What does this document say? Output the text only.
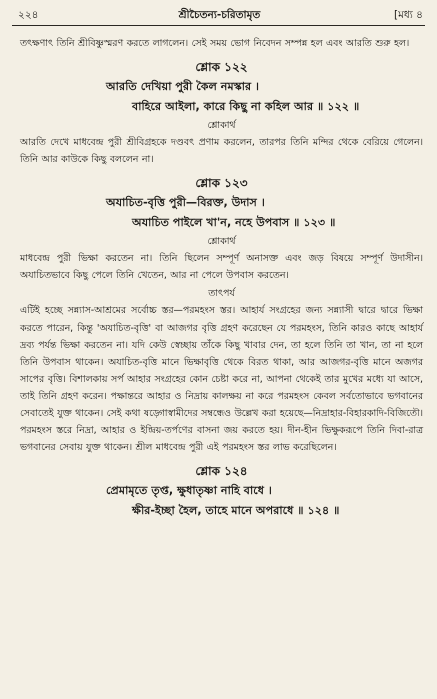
২২৪	শ্রীচৈতন্য-চরিতামৃত	[মধ্য ৪

তৎক্ষণাৎ তিনি শ্রীবিষ্ণুস্মরণ করতে লাগলেন। সেই সময় ভোগ নিবেদন সম্পন্ন হল এবং আরতি শুরু হল।

শ্লোক ১২২
আরতি দেখিয়া পুরী কৈল নমস্কার ।
বাহিরে আইলা, কারে কিছু না কহিল আর ॥ ১২২ ॥
শ্লোকার্থ

আরতি দেখে মাধবেন্দ্র পুরী শ্রীবিগ্রহকে দণ্ডবৎ প্রণাম করলেন, তারপর তিনি মন্দির থেকে বেরিয়ে গেলেন। তিনি আর কাউকে কিছু বললেন না।

শ্লোক ১২৩
অযাচিত-বৃত্তি পুরী—বিরক্ত, উদাস ।
অযাচিত পাইলে খা'ন, নহে উপবাস ॥ ১২৩ ॥
শ্লোকার্থ

মাধবেন্দ্র পুরী ভিক্ষা করতেন না। তিনি ছিলেন সম্পূর্ণ অনাসক্ত এবং জড় বিষয়ে সম্পূর্ণ উদাসীন। অযাচিতভাবে কিছু পেলে তিনি খেতেন, আর না পেলে উপবাস করতেন।

তাৎপর্য

এটিই হচ্ছে সন্ন্যাস-আশ্রমের সর্বোচ্চ স্তর—পরমহংস স্তর। আহার্য সংগ্রহের জন্য সন্ন্যাসী দ্বারে দ্বারে ভিক্ষা করতে পারেন, কিন্তু 'অযাচিত-বৃত্তি' বা আজগর বৃত্তি গ্রহণ করেছেন যে পরমহংস, তিনি কারও কাছে আহার্য দ্রব্য পর্যন্ত ভিক্ষা করতেন না। যদি কেউ স্বেচ্ছায় তাঁকে কিছু খাবার দেন, তা হলে তিনি তা খান, তা না হলে তিনি উপবাস থাকেন। অযাচিত-বৃত্তি মানে ভিক্ষাবৃত্তি থেকে বিরত থাকা, আর আজগর-বৃত্তি মানে অজগর সাপের বৃত্তি। বিশালকায় সর্প আহার সংগ্রহের কোন চেষ্টা করে না, আপনা থেকেই তার মুখের মধ্যে যা আসে, তাই তিনি গ্রহণ করেন। পক্ষান্তরে আহার ও নিদ্রায় কালক্ষয় না করে পরমহংস কেবল সর্বতোভাবে ভগবানের সেবাতেই যুক্ত থাকেন। সেই কথা ষড়্গোস্বামীদের সম্বন্ধেও উল্লেখ করা হয়েছে—নিদ্রাহার-বিহারকাদি-বিজিতৌ। পরমহংস স্তরে নিদ্রা, আহার ও ইন্দ্রিয়-তর্পণের বাসনা জয় করতে হয়। দীন-হীন ভিক্ষুকরূপে তিনি দিবা-রাত্র ভগবানের সেবায় যুক্ত থাকেন। শ্রীল মাধবেন্দ্র পুরী এই পরমহংস স্তর লাভ করেছিলেন।

শ্লোক ১২৪
প্রেমামৃতে তৃপ্ত, ক্ষুধাতৃষ্ণা নাহি বাধে ।
ক্ষীর-ইচ্ছা হৈল, তাহে মানে অপরাধে ॥ ১২৪ ॥
